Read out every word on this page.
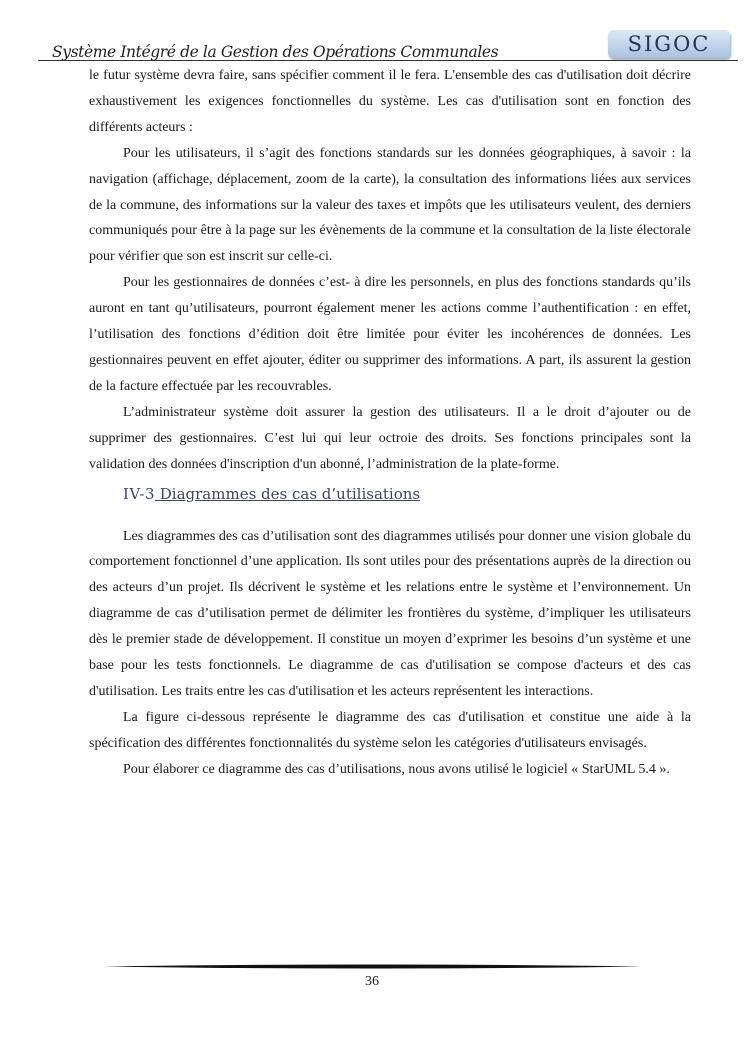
Système Intégré de la Gestion des Opérations Communales	SIGOC

le futur système devra faire, sans spécifier comment il le fera. L'ensemble des cas d'utilisation doit décrire exhaustivement les exigences fonctionnelles du système. Les cas d'utilisation sont en fonction des différents acteurs :

Pour les utilisateurs, il s’agit des fonctions standards sur les données géographiques, à savoir : la navigation (affichage, déplacement, zoom de la carte), la consultation des informations liées aux services de la commune, des informations sur la valeur des taxes et impôts que les utilisateurs veulent, des derniers communiqués pour être à la page sur les évènements de la commune et la consultation de la liste électorale pour vérifier que son est inscrit sur celle-ci.

Pour les gestionnaires de données c’est- à dire les personnels, en plus des fonctions standards qu’ils auront en tant qu’utilisateurs, pourront également mener les actions comme l’authentification : en effet, l’utilisation des fonctions d’édition doit être limitée pour éviter les incohérences de données. Les gestionnaires peuvent en effet ajouter, éditer ou supprimer des informations. A part, ils assurent la gestion de la facture effectuée par les recouvrables.

L’administrateur système doit assurer la gestion des utilisateurs. Il a le droit d’ajouter ou de supprimer des gestionnaires. C’est lui qui leur octroie des droits. Ses fonctions principales sont la validation des données d'inscription d'un abonné, l’administration de la plate-forme.

IV-3 Diagrammes des cas d’utilisations

Les diagrammes des cas d’utilisation sont des diagrammes utilisés pour donner une vision globale du comportement fonctionnel d’une application. Ils sont utiles pour des présentations auprès de la direction ou des acteurs d’un projet. Ils décrivent le système et les relations entre le système et l’environnement. Un diagramme de cas d’utilisation permet de délimiter les frontières du système, d’impliquer les utilisateurs dès le premier stade de développement. Il constitue un moyen d’exprimer les besoins d’un système et une base pour les tests fonctionnels. Le diagramme de cas d'utilisation se compose d'acteurs et des cas d'utilisation. Les traits entre les cas d'utilisation et les acteurs représentent les interactions.

La figure ci-dessous représente le diagramme des cas d'utilisation et constitue une aide à la spécification des différentes fonctionnalités du système selon les catégories d'utilisateurs envisagés.

Pour élaborer ce diagramme des cas d’utilisations, nous avons utilisé le logiciel « StarUML 5.4 ».

36
